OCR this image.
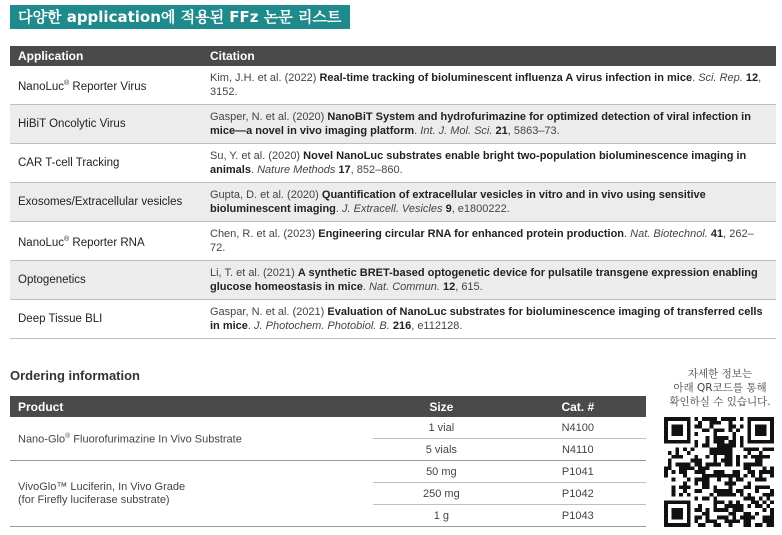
다양한 application에 적용된 FFz 논문 리스트
Application	Citation
NanoLuc® Reporter Virus	Kim, J.H. et al. (2022) Real-time tracking of bioluminescent influenza A virus infection in mice. Sci. Rep. 12, 3152.
HiBiT Oncolytic Virus	Gasper, N. et al. (2020) NanoBiT System and hydrofurimazine for optimized detection of viral infection in mice—a novel in vivo imaging platform. Int. J. Mol. Sci. 21, 5863–73.
CAR T-cell Tracking	Su, Y. et al. (2020) Novel NanoLuc substrates enable bright two-population bioluminescence imaging in animals. Nature Methods 17, 852–860.
Exosomes/Extracellular vesicles	Gupta, D. et al. (2020) Quantification of extracellular vesicles in vitro and in vivo using sensitive bioluminescent imaging. J. Extracell. Vesicles 9, e1800222.
NanoLuc® Reporter RNA	Chen, R. et al. (2023) Engineering circular RNA for enhanced protein production. Nat. Biotechnol. 41, 262–72.
Optogenetics	Li, T. et al. (2021) A synthetic BRET-based optogenetic device for pulsatile transgene expression enabling glucose homeostasis in mice. Nat. Commun. 12, 615.
Deep Tissue BLI	Gaspar, N. et al. (2021) Evaluation of NanoLuc substrates for bioluminescence imaging of transferred cells in mice. J. Photochem. Photobiol. B. 216, e112128.
Ordering information
Product	Size	Cat. #
Nano-Glo® Fluorofurimazine In Vivo Substrate	1 vial	N4100
	5 vials	N4110
VivoGlo™ Luciferin, In Vivo Grade
(for Firefly luciferase substrate)	50 mg	P1041
	250 mg	P1042
	1 g	P1043
자세한 정보는
아래 QR코드를 통해
확인하실 수 있습니다.
